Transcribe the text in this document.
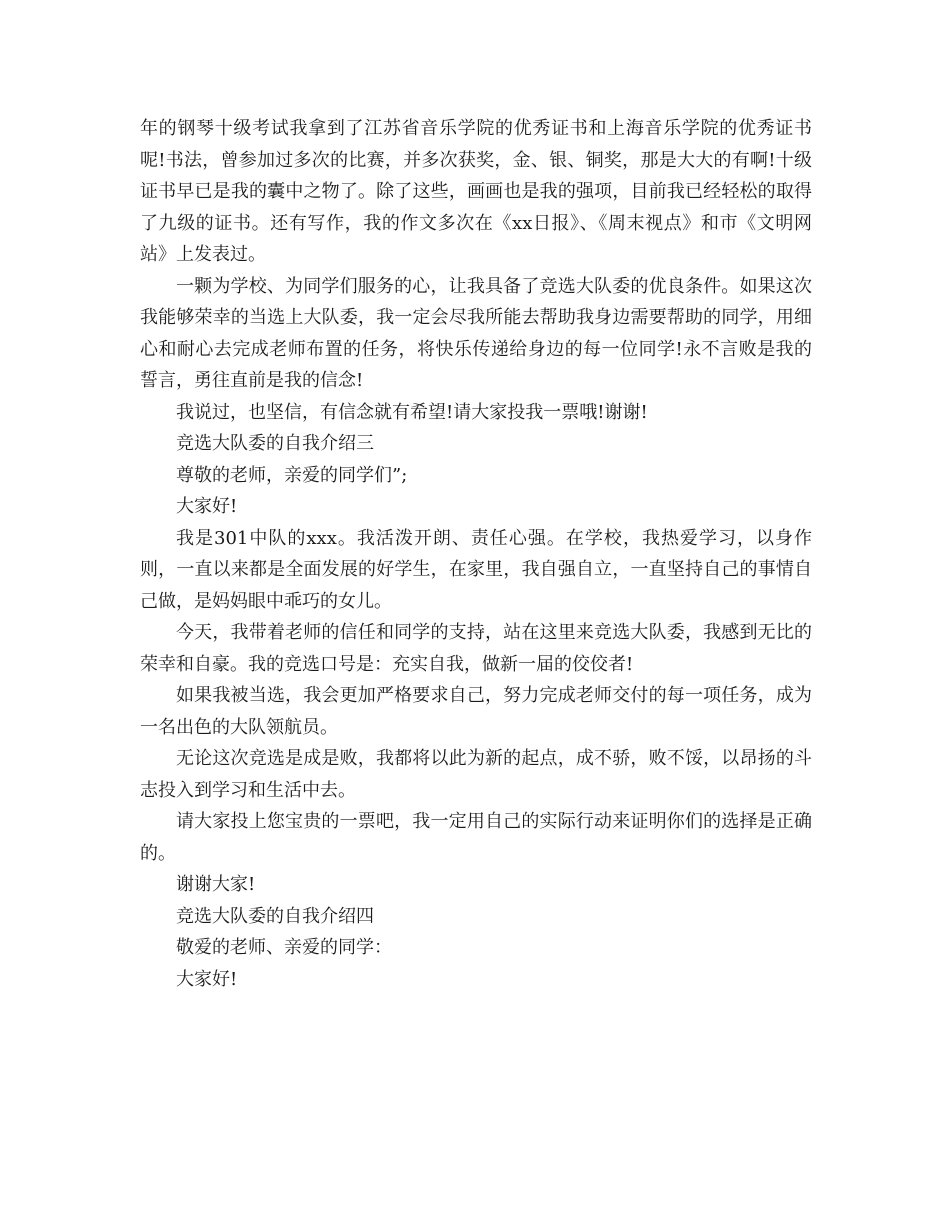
年的钢琴十级考试我拿到了江苏省音乐学院的优秀证书和上海音乐学院的优秀证书呢!书法，曾参加过多次的比赛，并多次获奖，金、银、铜奖，那是大大的有啊!十级证书早已是我的囊中之物了。除了这些，画画也是我的强项，目前我已经轻松的取得了九级的证书。还有写作，我的作文多次在《xx日报》、《周末视点》和市《文明网站》上发表过。

一颗为学校、为同学们服务的心，让我具备了竞选大队委的优良条件。如果这次我能够荣幸的当选上大队委，我一定会尽我所能去帮助我身边需要帮助的同学，用细心和耐心去完成老师布置的任务，将快乐传递给身边的每一位同学!永不言败是我的誓言，勇往直前是我的信念!

我说过，也坚信，有信念就有希望!请大家投我一票哦!谢谢!

竞选大队委的自我介绍三

尊敬的老师，亲爱的同学们”;

大家好!

我是301中队的xxx。我活泼开朗、责任心强。在学校，我热爱学习，以身作则，一直以来都是全面发展的好学生，在家里，我自强自立，一直坚持自己的事情自己做，是妈妈眼中乖巧的女儿。

今天，我带着老师的信任和同学的支持，站在这里来竞选大队委，我感到无比的荣幸和自豪。我的竞选口号是：充实自我，做新一届的佼佼者!

如果我被当选，我会更加严格要求自己，努力完成老师交付的每一项任务，成为一名出色的大队领航员。

无论这次竞选是成是败，我都将以此为新的起点，成不骄，败不馁，以昂扬的斗志投入到学习和生活中去。

请大家投上您宝贵的一票吧，我一定用自己的实际行动来证明你们的选择是正确的。

谢谢大家!

竞选大队委的自我介绍四

敬爱的老师、亲爱的同学：

大家好!
